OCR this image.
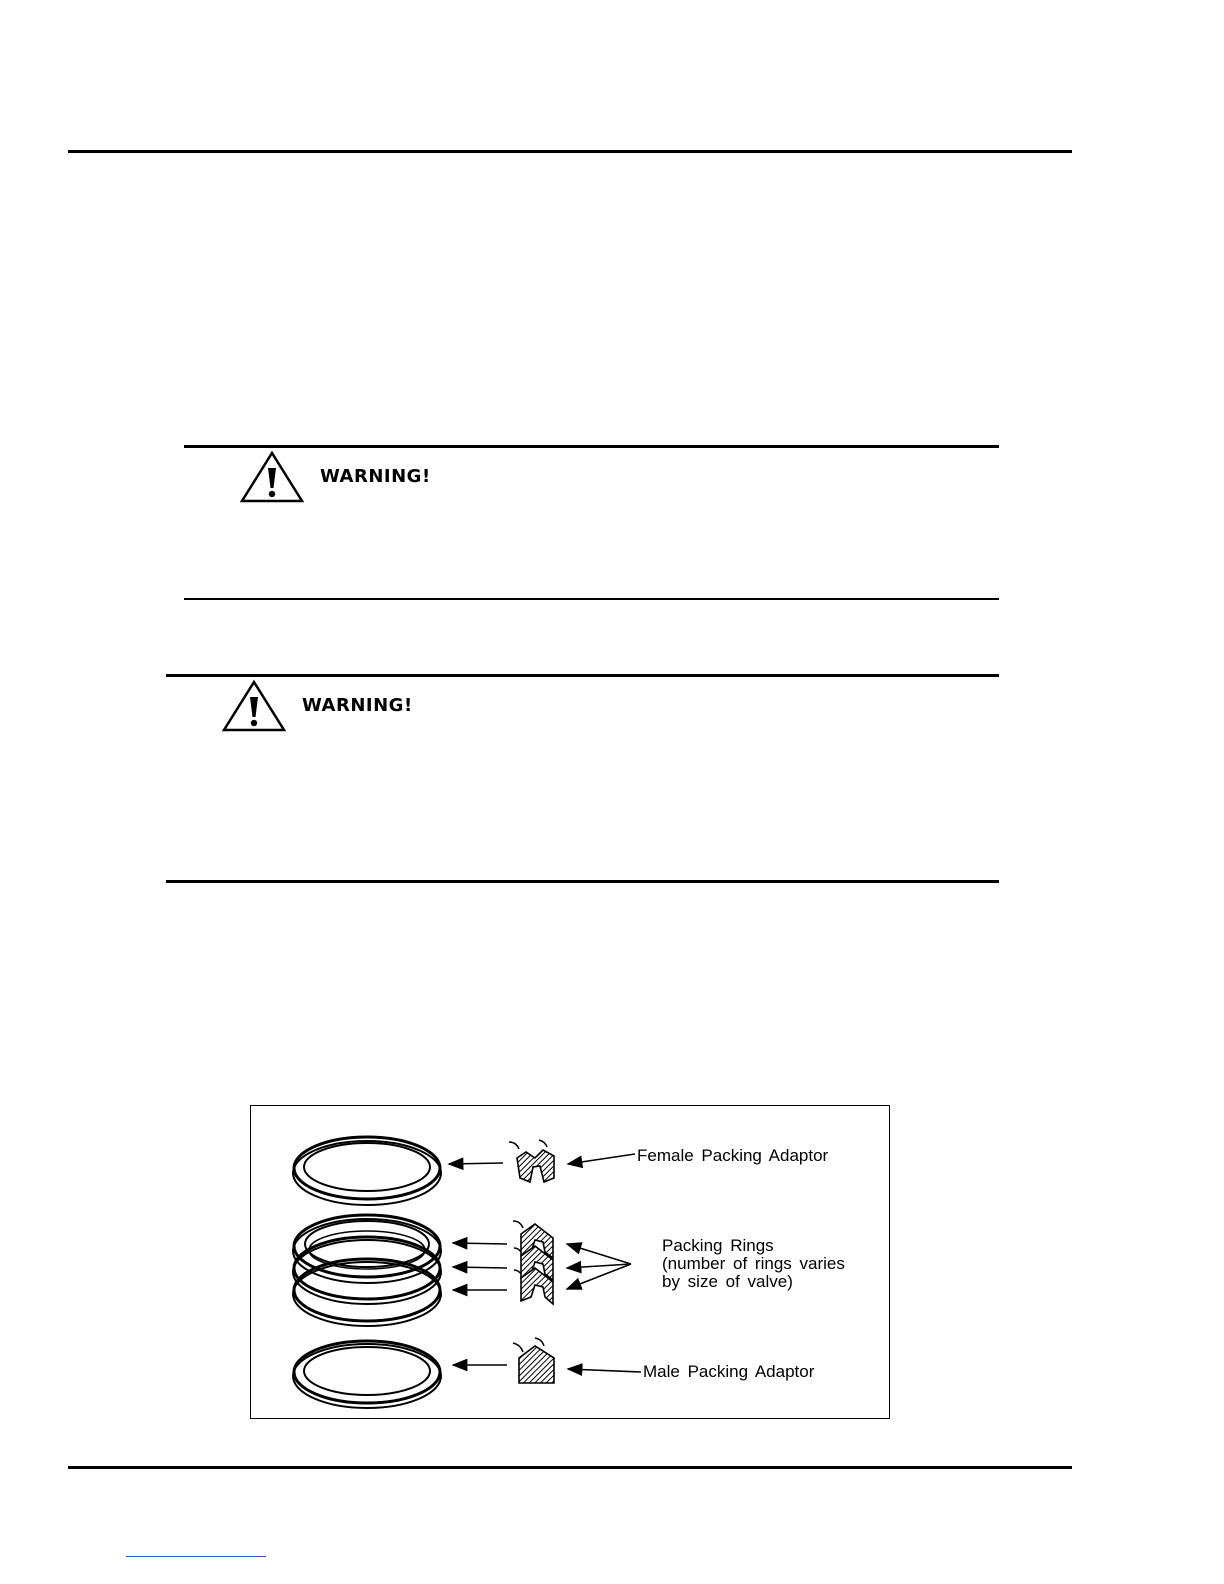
WARNING!
WARNING!
Female Packing Adaptor
Packing Rings
(number of rings varies
by size of valve)
Male Packing Adaptor
